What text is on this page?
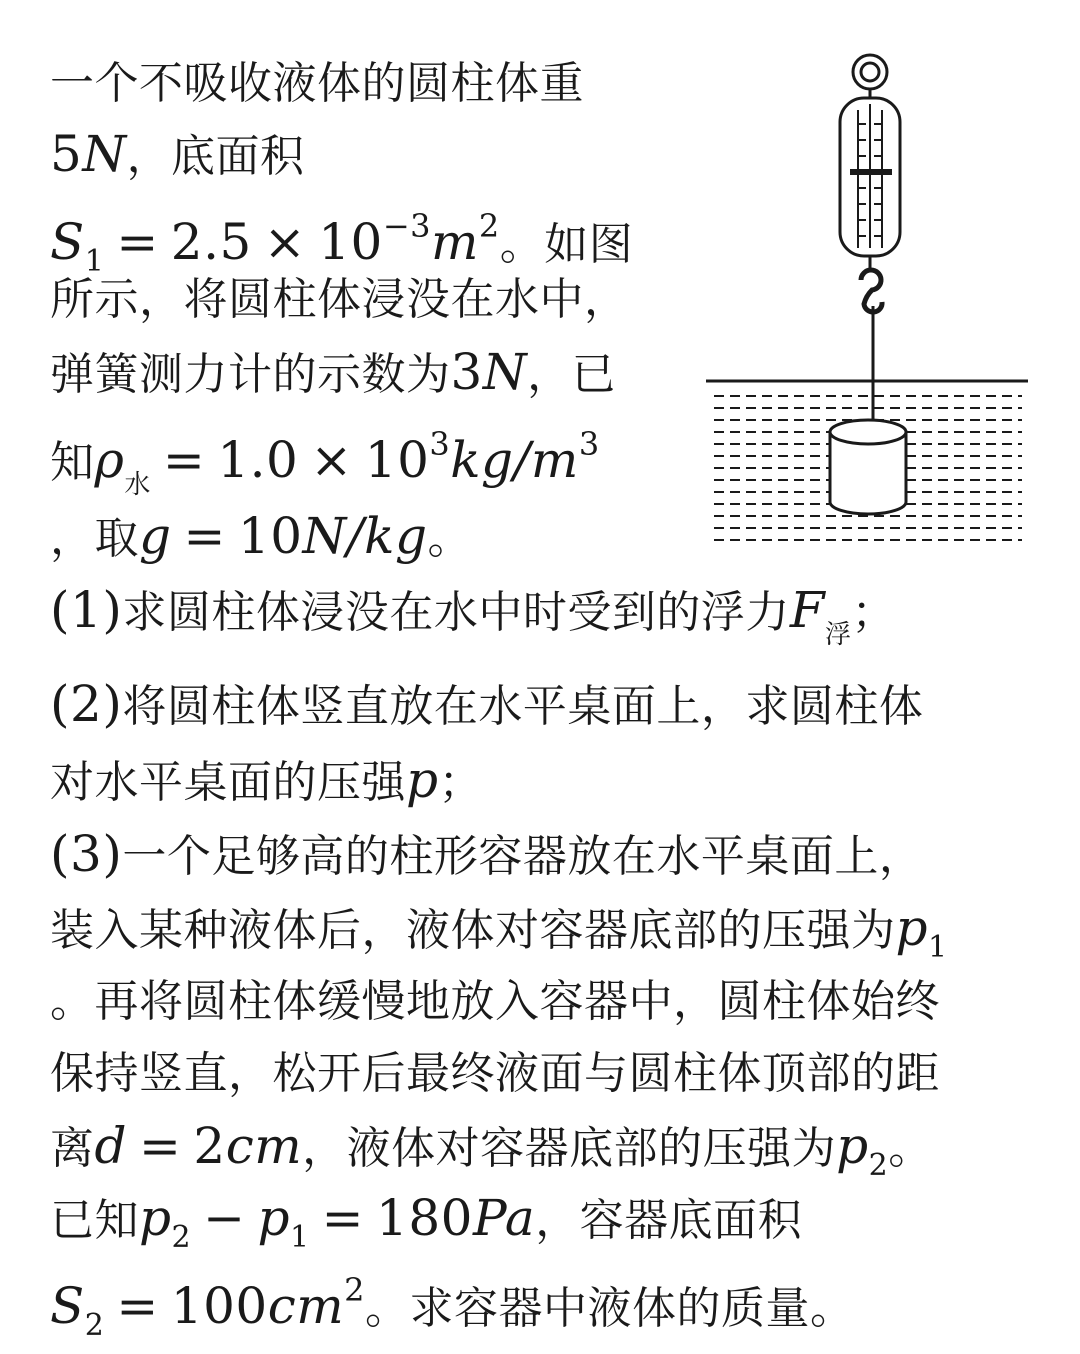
一个不吸收液体的圆柱体重
5N，底面积
$S_1 = 2.5 \times 10^{-3}m^2$。如图
所示，将圆柱体浸没在水中，
弹簧测力计的示数为3N，已
知$\rho_水 = 1.0 \times 10^3kg/m^3$
，取g = 10N/kg。
(1)求圆柱体浸没在水中时受到的浮力$F_浮$；
(2)将圆柱体竖直放在水平桌面上，求圆柱体
对水平桌面的压强p；
(3)一个足够高的柱形容器放在水平桌面上，
装入某种液体后，液体对容器底部的压强为$p_1$
。再将圆柱体缓慢地放入容器中，圆柱体始终
保持竖直，松开后最终液面与圆柱体顶部的距
离d = 2cm，液体对容器底部的压强为$p_2$。
已知$p_2 - p_1 = 180Pa$，容器底面积
$S_2 = 100cm^2$。求容器中液体的质量。
